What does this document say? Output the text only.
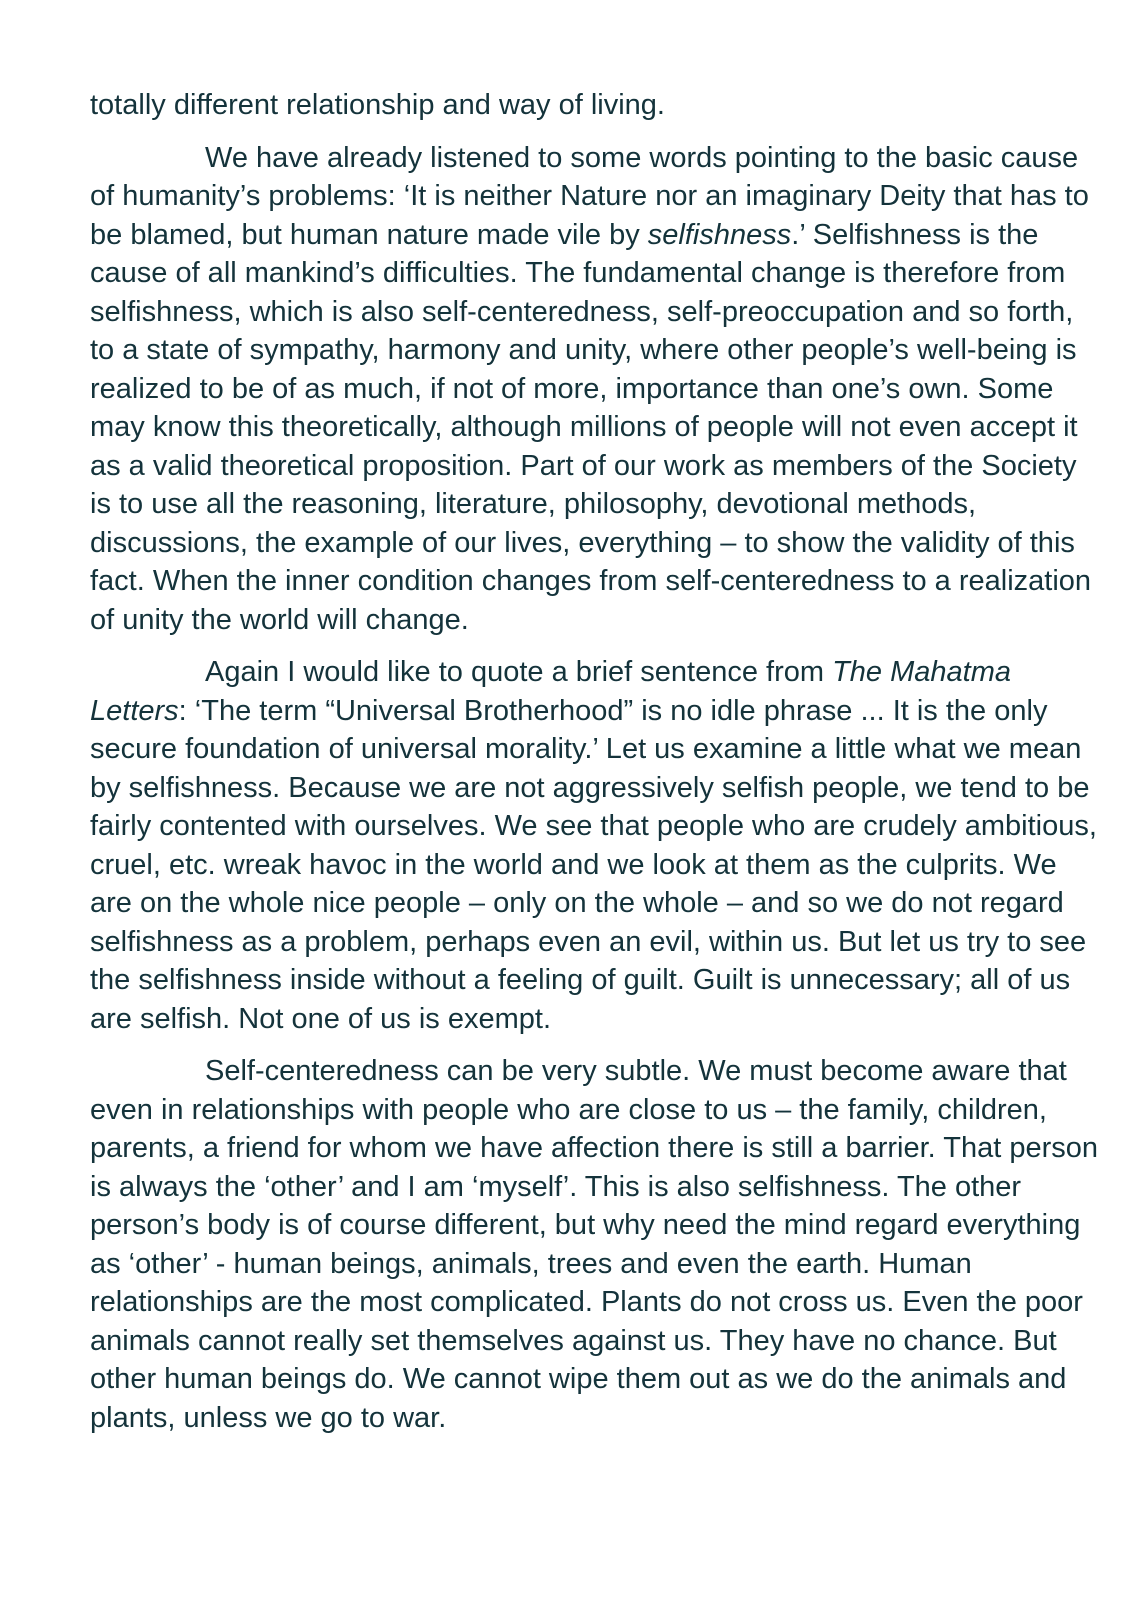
totally different relationship and way of living.

We have already listened to some words pointing to the basic cause
of humanity’s problems: ‘It is neither Nature nor an imaginary Deity that has to
be blamed, but human nature made vile by selfishness.’ Selfishness is the
cause of all mankind’s difficulties. The fundamental change is therefore from
selfishness, which is also self-centeredness, self-preoccupation and so forth,
to a state of sympathy, harmony and unity, where other people’s well-being is
realized to be of as much, if not of more, importance than one’s own. Some
may know this theoretically, although millions of people will not even accept it
as a valid theoretical proposition. Part of our work as members of the Society
is to use all the reasoning, literature, philosophy, devotional methods,
discussions, the example of our lives, everything – to show the validity of this
fact. When the inner condition changes from self-centeredness to a realization
of unity the world will change.

Again I would like to quote a brief sentence from The Mahatma
Letters: ‘The term “Universal Brotherhood” is no idle phrase ... It is the only
secure foundation of universal morality.’ Let us examine a little what we mean
by selfishness. Because we are not aggressively selfish people, we tend to be
fairly contented with ourselves. We see that people who are crudely ambitious,
cruel, etc. wreak havoc in the world and we look at them as the culprits. We
are on the whole nice people – only on the whole – and so we do not regard
selfishness as a problem, perhaps even an evil, within us. But let us try to see
the selfishness inside without a feeling of guilt. Guilt is unnecessary; all of us
are selfish. Not one of us is exempt.

Self-centeredness can be very subtle. We must become aware that
even in relationships with people who are close to us – the family, children,
parents, a friend for whom we have affection there is still a barrier. That person
is always the ‘other’ and I am ‘myself’. This is also selfishness. The other
person’s body is of course different, but why need the mind regard everything
as ‘other’ - human beings, animals, trees and even the earth. Human
relationships are the most complicated. Plants do not cross us. Even the poor
animals cannot really set themselves against us. They have no chance. But
other human beings do. We cannot wipe them out as we do the animals and
plants, unless we go to war.
